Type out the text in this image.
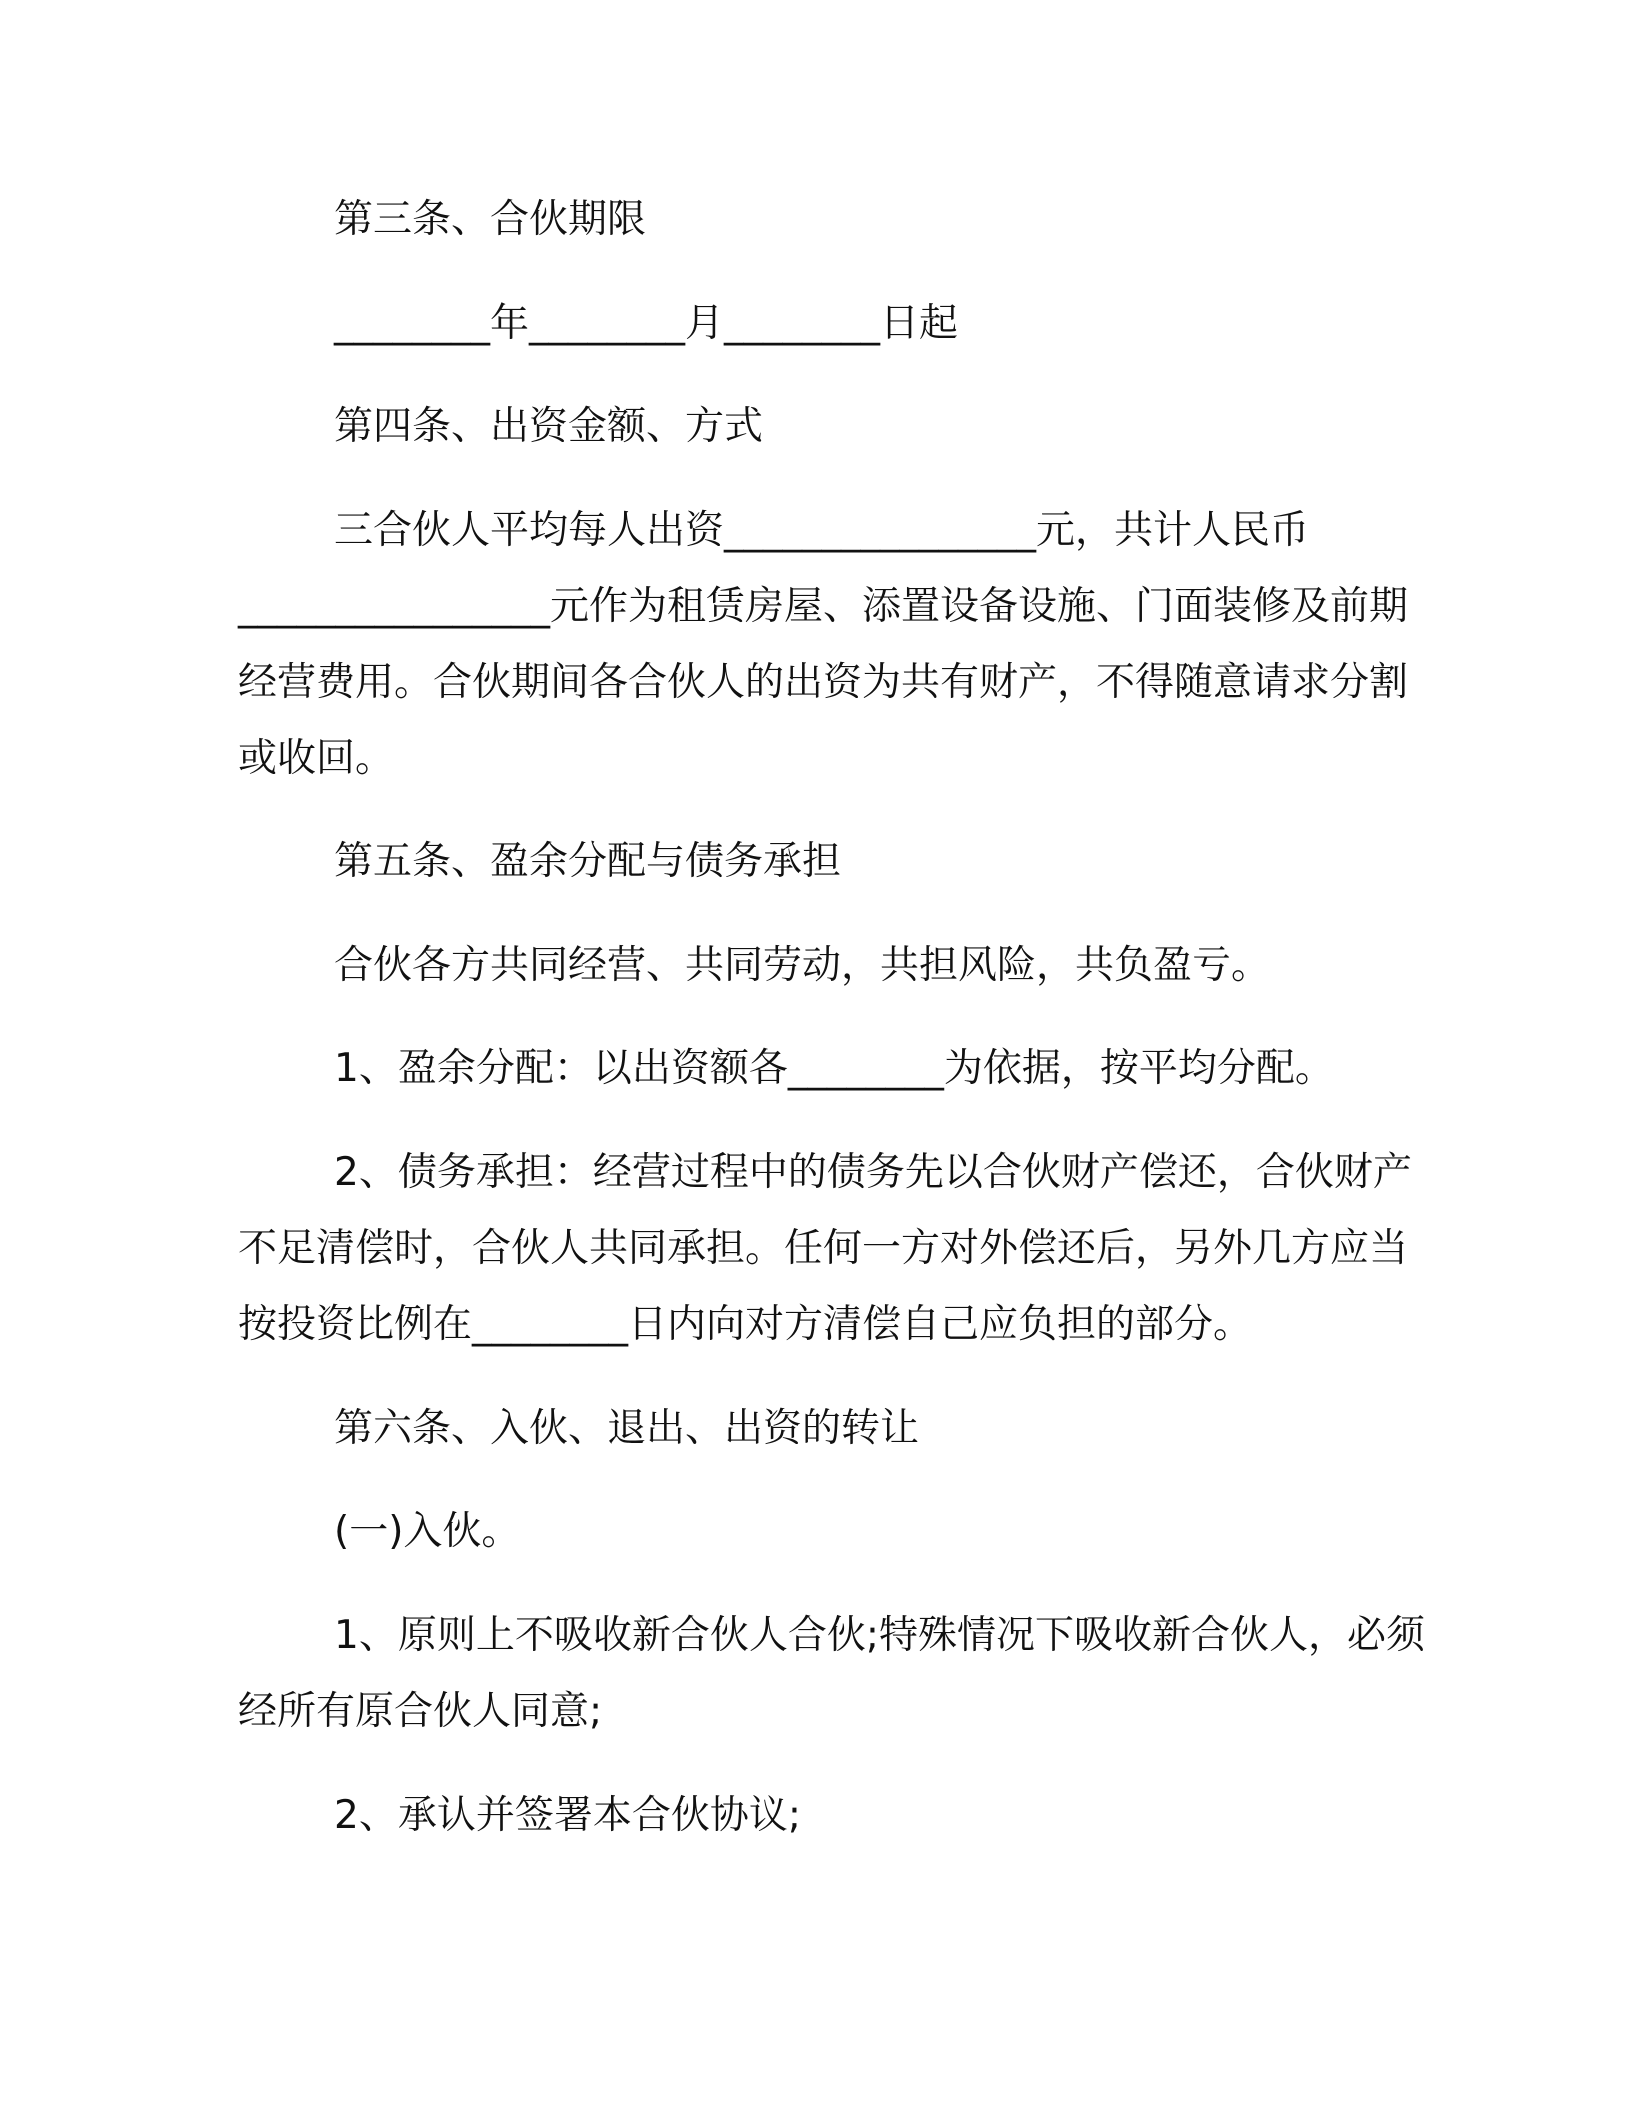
第三条、合伙期限
________年________月________日起
第四条、出资金额、方式
三合伙人平均每人出资________________元，共计人民币
________________元作为租赁房屋、添置设备设施、门面装修及前期
经营费用。合伙期间各合伙人的出资为共有财产，不得随意请求分割
或收回。
第五条、盈余分配与债务承担
合伙各方共同经营、共同劳动，共担风险，共负盈亏。
1、盈余分配：以出资额各________为依据，按平均分配。
2、债务承担：经营过程中的债务先以合伙财产偿还，合伙财产
不足清偿时，合伙人共同承担。任何一方对外偿还后，另外几方应当
按投资比例在________日内向对方清偿自己应负担的部分。
第六条、入伙、退出、出资的转让
(一)入伙。
1、原则上不吸收新合伙人合伙;特殊情况下吸收新合伙人，必须
经所有原合伙人同意;
2、承认并签署本合伙协议;
